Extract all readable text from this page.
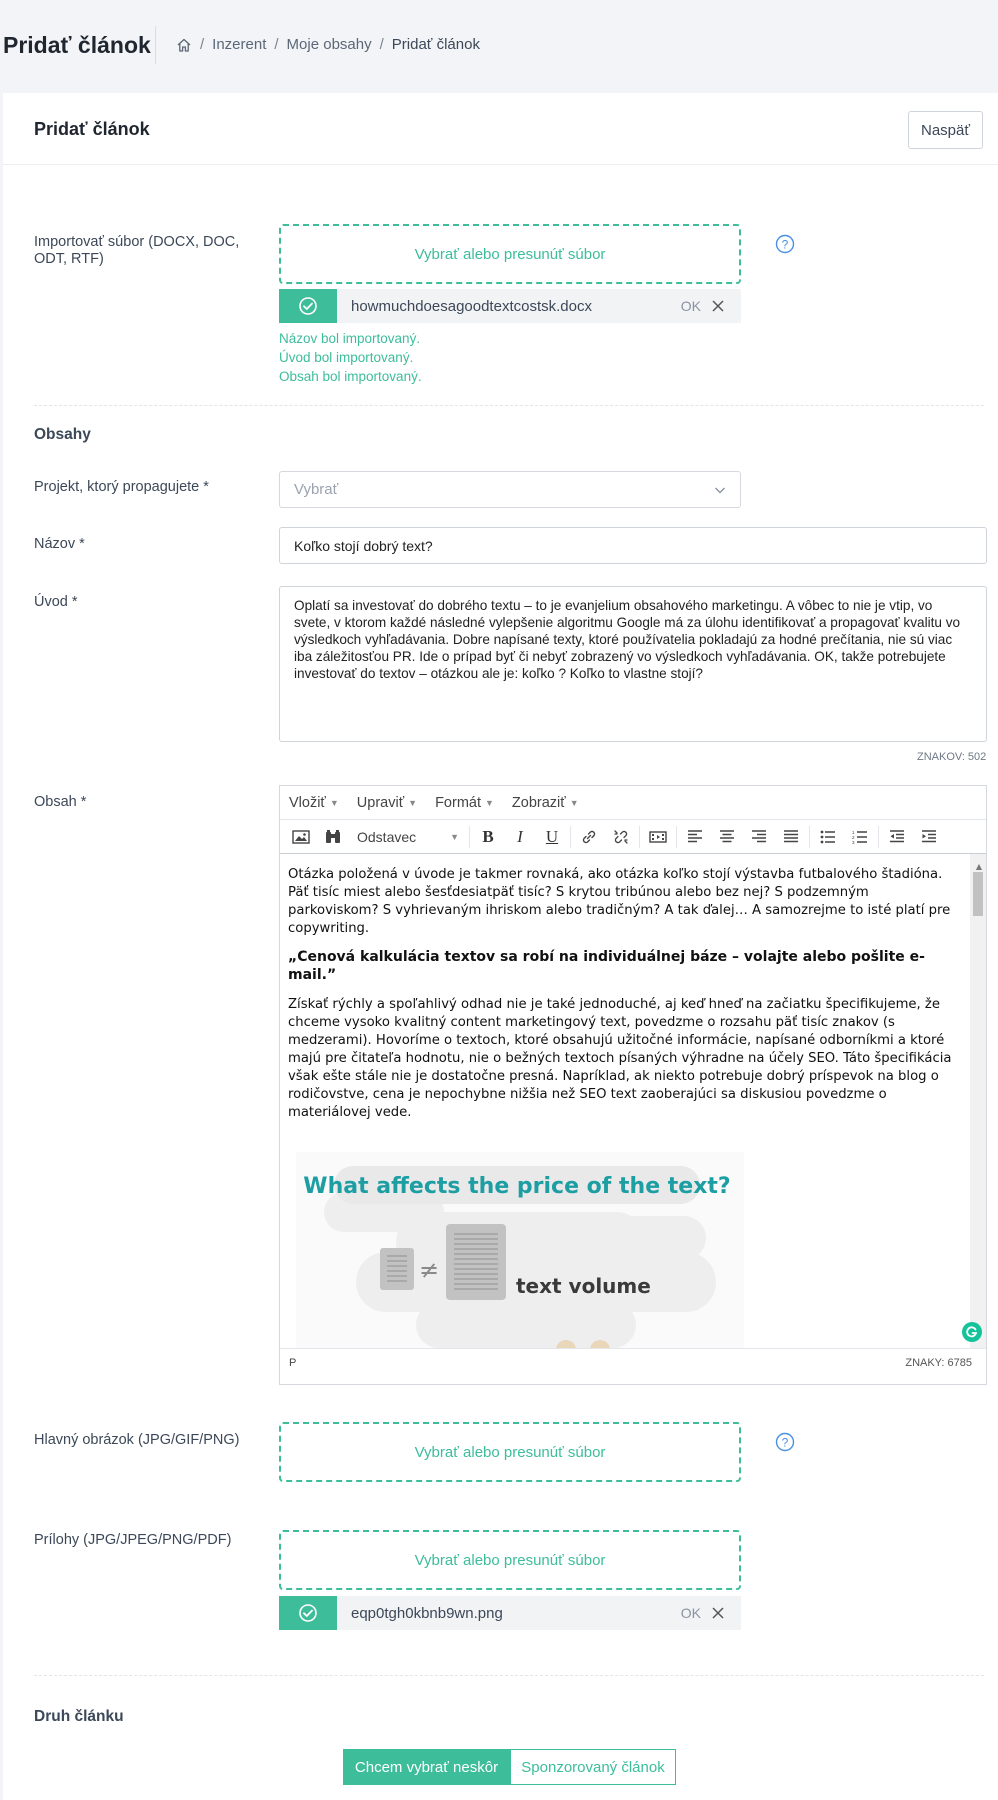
Pridať článok	/ Inzerent / Moje obsahy / Pridať článok
Pridať článok	Naspäť
Importovať súbor (DOCX, DOC, ODT, RTF)	Vybrať alebo presunúť súbor
?
howmuchdoesagoodtextcostsk.docx	OK
Názov bol importovaný.
Úvod bol importovaný.
Obsah bol importovaný.
Obsahy
Projekt, ktorý propagujete *	Vybrať
Názov *	Koľko stojí dobrý text?
Úvod *	Oplatí sa investovať do dobrého textu – to je evanjelium obsahového marketingu. A vôbec to nie je vtip, vo svete, v ktorom každé následné vylepšenie algoritmu Google má za úlohu identifikovať a propagovať kvalitu vo výsledkoch vyhľadávania. Dobre napísané texty, ktoré používatelia pokladajú za hodné prečítania, nie sú viac iba záležitosťou PR. Ide o prípad byť či nebyť zobrazený vo výsledkoch vyhľadávania. OK, takže potrebujete investovať do textov – otázkou ale je: koľko ? Koľko to vlastne stojí?
ZNAKOV: 502
Obsah *	Vložiť ▼ Upraviť ▼ Formát ▼ Zobraziť ▼
Odstavec	▼ B I U	1
2
3

Otázka položená v úvode je takmer rovnaká, ako otázka koľko stojí výstavba futbalového štadióna. Päť tisíc miest alebo šesťdesiatpäť tisíc? S krytou tribúnou alebo bez nej? S podzemným parkoviskom? S vyhrievaným ihriskom alebo tradičným? A tak ďalej… A samozrejme to isté platí pre copywriting.

„Cenová kalkulácia textov sa robí na individuálnej báze – volajte alebo pošlite e-mail.”

Získať rýchly a spoľahlivý odhad nie je také jednoduché, aj keď hneď na začiatku špecifikujeme, že chceme vysoko kvalitný content marketingový text, povedzme o rozsahu päť tisíc znakov (s medzerami). Hovoríme o textoch, ktoré obsahujú užitočné informácie, napísané odborníkmi a ktoré majú pre čitateľa hodnotu, nie o bežných textoch písaných výhradne na účely SEO. Táto špecifikácia však ešte stále nie je dostatočne presná. Napríklad, ak niekto potrebuje dobrý príspevok na blog o rodičovstve, cena je nepochybne nižšia než SEO text zaoberajúci sa diskusiou povedzme o materiálovej vede.

What affects the price of the text?
≠
text volume
▲
P	ZNAKY: 6785
Hlavný obrázok (JPG/GIF/PNG)
Vybrať alebo presunúť súbor
?
Prílohy (JPG/JPEG/PNG/PDF)
Vybrať alebo presunúť súbor
eqp0tgh0kbnb9wn.png	OK
Druh článku
Chcem vybrať neskôr	Sponzorovaný článok
